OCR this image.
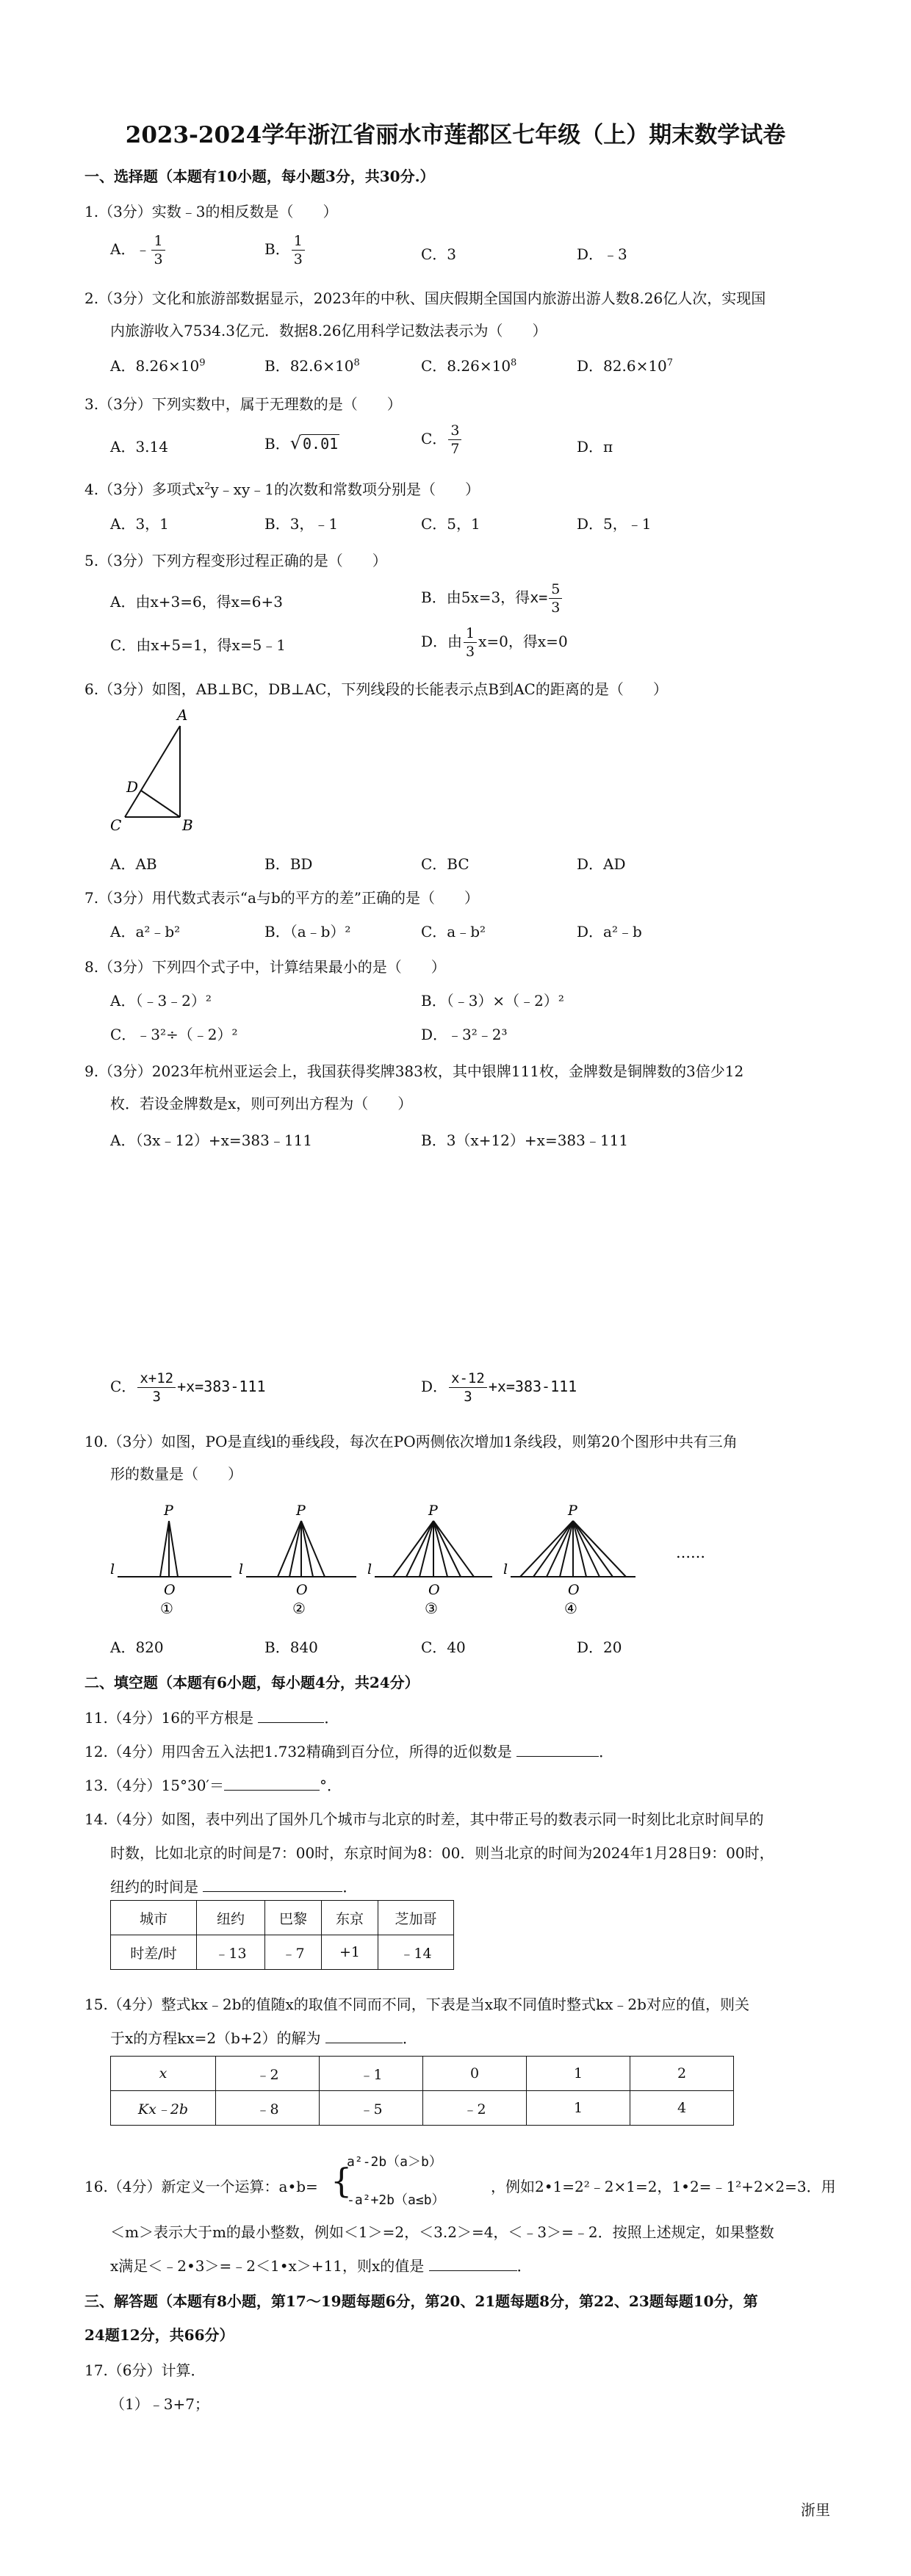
2023-2024学年浙江省丽水市莲都区七年级（上）期末数学试卷
一、选择题（本题有10小题，每小题3分，共30分.）
1.（3分）实数﹣3的相反数是（　　）
A．﹣ $\frac{1}{3}$	B． $\frac{1}{3}$	C．3	D．﹣3
2.（3分）文化和旅游部数据显示，2023年的中秋、国庆假期全国国内旅游出游人数8.26亿人次，实现国
内旅游收入7534.3亿元．数据8.26亿用科学记数法表示为（　　）
A．$8.26\times 10^9$	B．$82.6\times 10^8$	C．$8.26\times 10^8$	D．$82.6\times 10^7$
3.（3分）下列实数中，属于无理数的是（　　）
A．3.14	B．√ 0.01	C． $\frac{3}{7}$	D．π
4.（3分）多项式$x^2y﹣xy﹣1$的次数和常数项分别是（　　）
A．3，1	B．3，﹣1	C．5，1	D．5，﹣1
5.（3分）下列方程变形过程正确的是（　　）
A．由x+3=6，得x=6+3	B．由5x=3，得$x= \frac{5}{3}$
C．由x+5=1，得x=5﹣1	D．由 $\frac{1}{3} x=0$，得x=0
6.（3分）如图，AB⊥BC，DB⊥AC，下列线段的长能表示点B到AC的距离的是（　　）
A
B
C
D
A．AB	B．BD	C．BC	D．AD
7.（3分）用代数式表示“a与b的平方的差”正确的是（　　）
A．a²﹣b²	B．（a﹣b）²	C．a﹣b²	D．a²﹣b
8.（3分）下列四个式子中，计算结果最小的是（　　）
A．（﹣3﹣2）²	B．（﹣3）×（﹣2）²
C．﹣3²÷（﹣2）²	D．﹣3²﹣2³
9.（3分）2023年杭州亚运会上，我国获得奖牌383枚，其中银牌111枚，金牌数是铜牌数的3倍少12
枚．若设金牌数是x，则可列出方程为（　　）
A．（3x﹣12）+x=383﹣111	B．3（x+12）+x=383﹣111
C． $\frac{x+12}{3} +x=383-111$	D． $\frac{x-12}{3} +x=383-111$
10.（3分）如图，PO是直线l的垂线段，每次在PO两侧依次增加1条线段，则第20个图形中共有三角
形的数量是（　　）
l
P
O
①
l
P
O
②
l
P
O
③
l
P
O
④
……
A．820	B．840	C．40	D．20
二、填空题（本题有6小题，每小题4分，共24分）
11.（4分）16的平方根是	．
12.（4分）用四舍五入法把1.732精确到百分位，所得的近似数是	．
13.（4分）15°30′＝	°．
14.（4分）如图，表中列出了国外几个城市与北京的时差，其中带正号的数表示同一时刻比北京时间早的
时数，比如北京的时间是7：00时，东京时间为8：00．则当北京的时间为2024年1月28日9：00时，
纽约的时间是	．
城市	纽约	巴黎	东京	芝加哥
时差/时	﹣13	﹣7	+1	﹣14
15.（4分）整式kx﹣2b的值随x的取值不同而不同，下表是当x取不同值时整式kx﹣2b对应的值，则关
于x的方程kx=2（b+2）的解为	．
x	﹣2	﹣1	0	1	2
Kx﹣2b	﹣8	﹣5	﹣2	1	4
16.（4分）新定义一个运算：a•b= {
a²-2b（a＞b）
-a²+2b（a≤b）
，例如2•1=2²﹣2×1=2，1•2=﹣1²+2×2=3．用
＜m＞表示大于m的最小整数，例如＜1＞=2，＜3.2＞=4，＜﹣3＞=﹣2．按照上述规定，如果整数
x满足＜﹣2•3＞=﹣2＜1•x＞+11，则x的值是	．
三、解答题（本题有8小题，第17～19题每题6分，第20、21题每题8分，第22、23题每题10分，第
24题12分，共66分）
17.（6分）计算．
（1）﹣3+7；
浙里
